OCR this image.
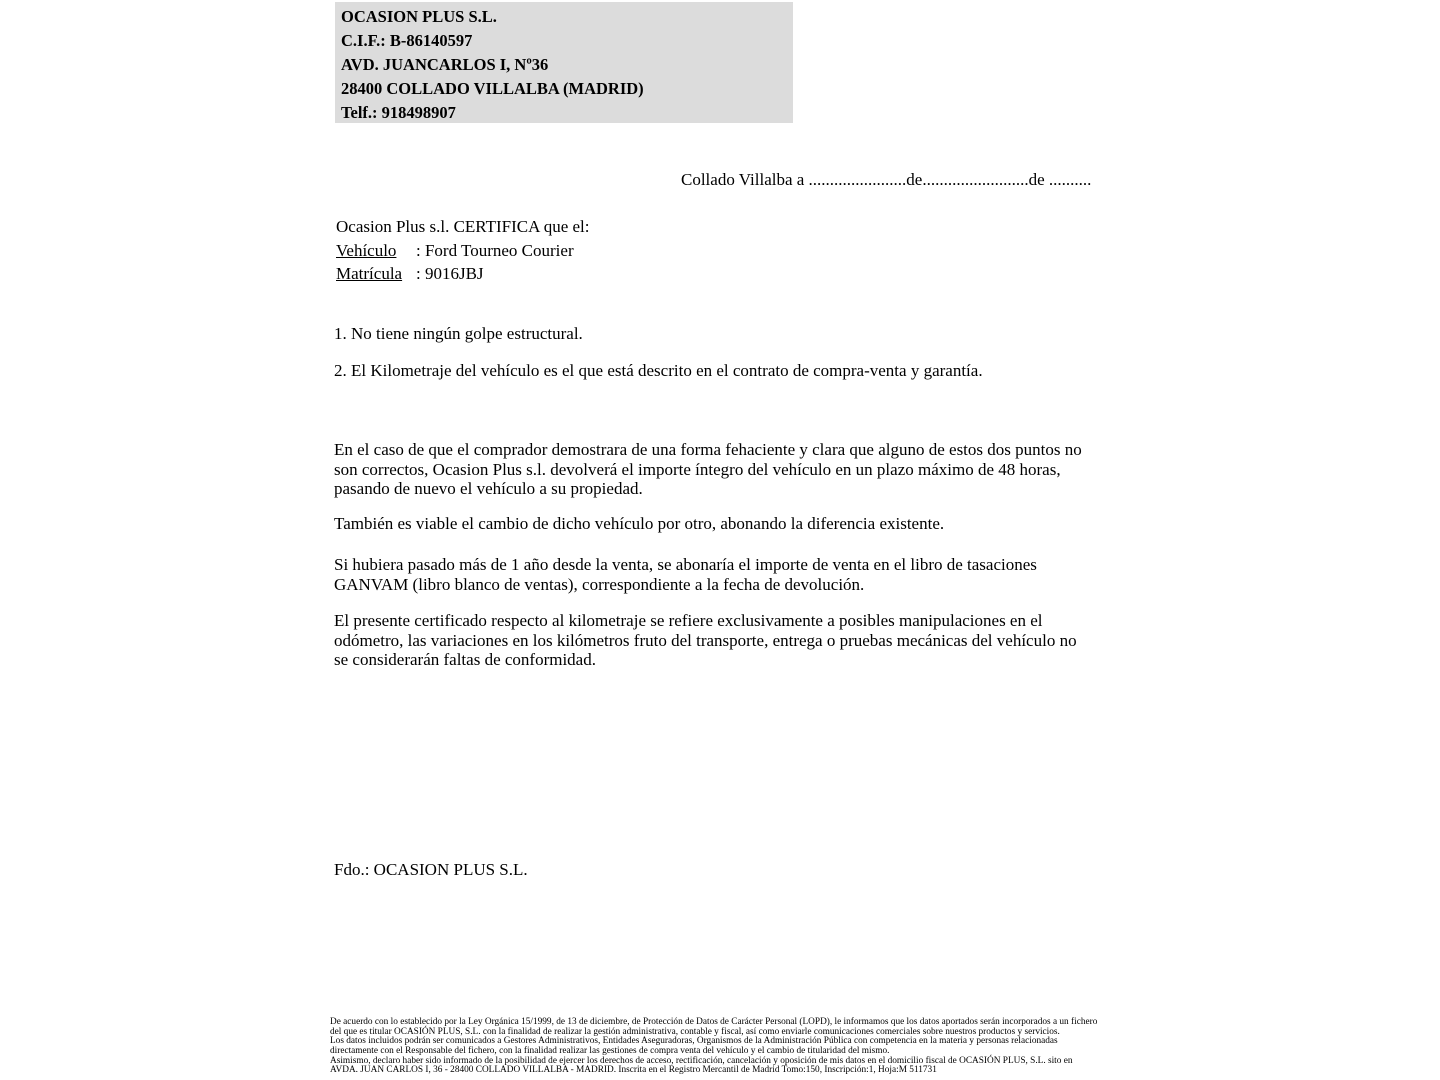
OCASION PLUS S.L.
C.I.F.: B-86140597
AVD. JUANCARLOS I, Nº36
28400 COLLADO VILLALBA (MADRID)
Telf.: 918498907
Collado Villalba a .......................de.........................de ..........
Ocasion Plus s.l. CERTIFICA que el:
Vehículo : Ford Tourneo Courier
Matrícula : 9016JBJ
1. No tiene ningún golpe estructural.
2. El Kilometraje del vehículo es el que está descrito en el contrato de compra-venta y garantía.
En el caso de que el comprador demostrara de una forma fehaciente y clara que alguno de estos dos puntos no son correctos, Ocasion Plus s.l. devolverá el importe íntegro del vehículo en un plazo máximo de 48 horas, pasando de nuevo el vehículo a su propiedad.
También es viable el cambio de dicho vehículo por otro, abonando la diferencia existente.
Si hubiera pasado más de 1 año desde la venta, se abonaría el importe de venta en el libro de tasaciones GANVAM (libro blanco de ventas), correspondiente a la fecha de devolución.
El presente certificado respecto al kilometraje se refiere exclusivamente a posibles manipulaciones en el odómetro, las variaciones en los kilómetros fruto del transporte, entrega o pruebas mecánicas del vehículo no se considerarán faltas de conformidad.
Fdo.: OCASION PLUS S.L.

De acuerdo con lo establecido por la Ley Orgánica 15/1999, de 13 de diciembre, de Protección de Datos de Carácter Personal (LOPD), le informamos que los datos aportados serán incorporados a un fichero del que es titular OCASIÓN PLUS, S.L. con la finalidad de realizar la gestión administrativa, contable y fiscal, así como enviarle comunicaciones comerciales sobre nuestros productos y servicios.

Los datos incluidos podrán ser comunicados a Gestores Administrativos, Entidades Aseguradoras, Organismos de la Administración Pública con competencia en la materia y personas relacionadas directamente con el Responsable del fichero, con la finalidad realizar las gestiones de compra venta del vehículo y el cambio de titularidad del mismo.

Asimismo, declaro haber sido informado de la posibilidad de ejercer los derechos de acceso, rectificación, cancelación y oposición de mis datos en el domicilio fiscal de OCASIÓN PLUS, S.L. sito en AVDA. JUAN CARLOS I, 36 - 28400 COLLADO VILLALBA - MADRID. Inscrita en el Registro Mercantil de Madrid Tomo:150, Inscripción:1, Hoja:M 511731
